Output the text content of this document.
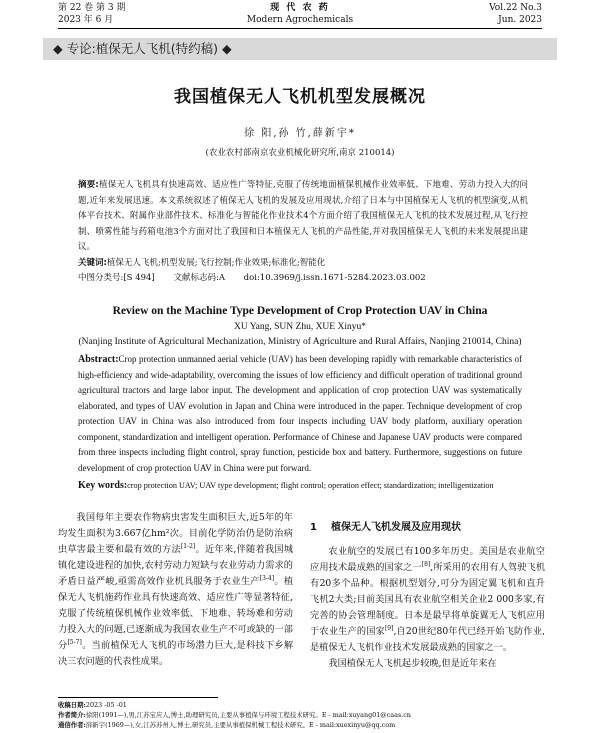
第 22 卷 第 3 期
2023 年 6 月
现 代 农 药
Modern Agrochemicals
Vol.22 No.3
Jun. 2023
◆ 专论:植保无人飞机(特约稿) ◆
我国植保无人飞机机型发展概况
徐 阳,孙 竹,薛新宇*
(农业农村部南京农业机械化研究所,南京 210014)
摘要:植保无人飞机具有快速高效、适应性广等特征,克服了传统地面植保机械作业效率低、下地难、劳动力投入大的问题,近年来发展迅速。本文系统叙述了植保无人飞机的发展及应用现状,介绍了日本与中国植保无人飞机的机型演变,从机体平台技术、附属作业部件技术、标准化与智能化作业技术4个方面介绍了我国植保无人飞机的技术发展过程,从飞行控制、喷雾性能与药箱电池3个方面对比了我国和日本植保无人飞机的产品性能,并对我国植保无人飞机的未来发展提出建议。
关键词:植保无人飞机;机型发展;飞行控制;作业效果;标准化;智能化
中图分类号:[S 494] 文献标志码:A doi:10.3969/j.issn.1671-5284.2023.03.002
Review on the Machine Type Development of Crop Protection UAV in China
XU Yang, SUN Zhu, XUE Xinyu*
(Nanjing Institute of Agricultural Mechanization, Ministry of Agriculture and Rural Affairs, Nanjing 210014, China)
Abstract:Crop protection unmanned aerial vehicle (UAV) has been developing rapidly with remarkable characteristics of high-efficiency and wide-adaptability, overcoming the issues of low efficiency and difficult operation of traditional ground agricultural tractors and large labor input. The development and application of crop protection UAV was systematically elaborated, and types of UAV evolution in Japan and China were introduced in the paper. Technique development of crop protection UAV in China was also introduced from four inspects including UAV body platform, auxiliary operation component, standardization and intelligent operation. Performance of Chinese and Japanese UAV products were compared from three inspects including flight control, spray function, pesticide box and battery. Furthermore, suggestions on future development of crop protection UAV in China were put forward.
Key words:crop protection UAV; UAV type development; flight control; operation effect; standardization; intelligentization

我国每年主要农作物病虫害发生面积巨大,近5年的年均发生面积为3.667亿hm²次。目前化学防治仍是防治病虫草害最主要和最有效的方法[1-2]。近年来,伴随着我国城镇化建设进程的加快,农村劳动力短缺与农业劳动力需求的矛盾日益严峻,亟需高效作业机具服务于农业生产[3-4]。植保无人飞机施药作业具有快速高效、适应性广等显著特征,克服了传统植保机械作业效率低、下地难、转场难和劳动力投入大的问题,已逐渐成为我国农业生产不可或缺的一部分[5-7]。当前植保无人飞机的市场潜力巨大,是科技下乡解决三农问题的代表性成果。

1 植保无人飞机发展及应用现状

农业航空的发展已有100多年历史。美国是农业航空应用技术最成熟的国家之一[8],所采用的农用有人驾驶飞机有20多个品种。根据机型划分,可分为固定翼飞机和直升飞机2大类;目前美国具有农业航空相关企业2 000多家,有完善的协会管理制度。日本是最早将单旋翼无人飞机应用于农业生产的国家[9],自20世纪80年代已经开始飞防作业,是植保无人飞机作业技术发展最成熟的国家之一。

我国植保无人飞机起步较晚,但是近年来在

收稿日期:2023 -05 -01
作者简介:徐阳(1991—),男,江苏宝应人,博士,助理研究员,主要从事植保与环境工程技术研究。E - mail:xuyang01@caas.cn
通信作者:薛新宇(1969—),女,江苏苏州人,博士,研究员,主要从事植保机械工程技术研究。E - mail:xuexinyu@qq.com
